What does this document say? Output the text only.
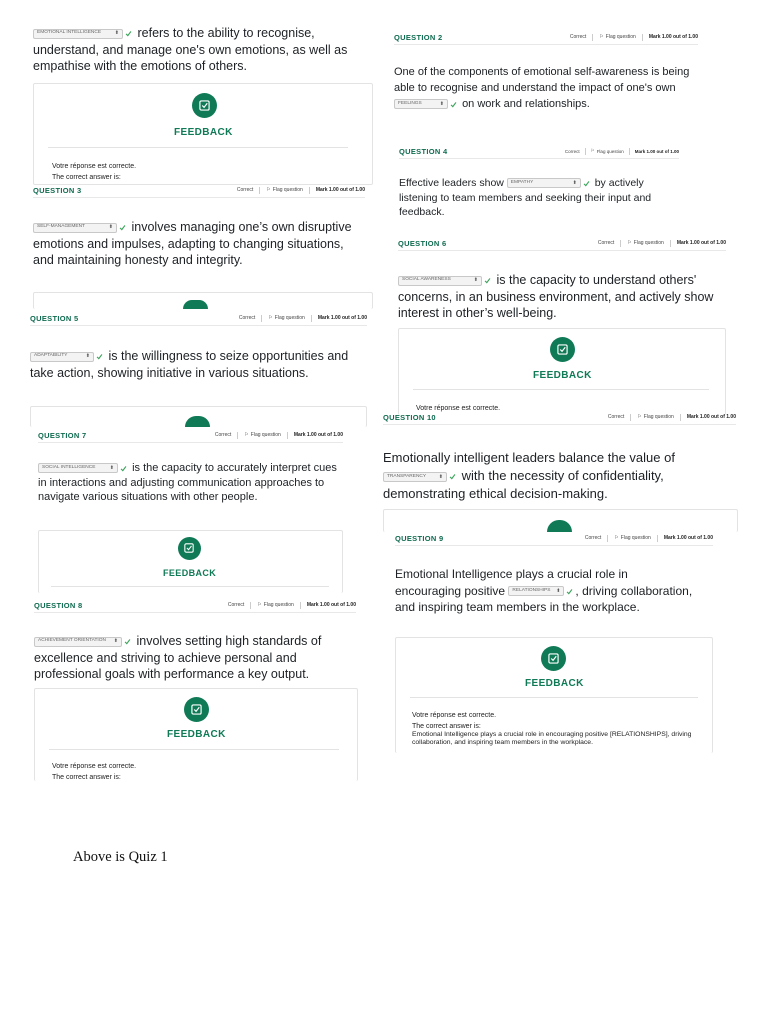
EMOTIONAL INTELLIGENCE	⬍ refers to the ability to recognise, understand, and manage one's own emotions, as well as empathise with the emotions of others.
FEEDBACK
Votre réponse est correcte.
The correct answer is:
QUESTION 3	Correct	⚐ Flag question	Mark 1.00 out of 1.00
SELF-MANAGEMENT	⬍ involves managing one’s own disruptive emotions and impulses, adapting to changing situations, and maintaining honesty and integrity.
QUESTION 5	Correct	⚐ Flag question	Mark 1.00 out of 1.00
ADAPTABILITY	⬍ is the willingness to seize opportunities and take action, showing initiative in various situations.
QUESTION 7	Correct	⚐ Flag question	Mark 1.00 out of 1.00
SOCIAL INTELLIGENCE	⬍ is the capacity to accurately interpret cues in interactions and adjusting communication approaches to navigate various situations with other people.
FEEDBACK
QUESTION 8	Correct	⚐ Flag question	Mark 1.00 out of 1.00
ACHIEVEMENT ORIENTATION ⬍ involves setting high standards of excellence and striving to achieve personal and professional goals with performance a key output.
FEEDBACK
Votre réponse est correcte.
The correct answer is:
QUESTION 2	Correct	⚐ Flag question	Mark 1.00 out of 1.00
One of the components of emotional self-awareness is being able to recognise and understand the impact of one's own
FEELINGS	⬍ on work and relationships.
QUESTION 4	Correct ⚐ Flag question Mark 1.00 out of 1.00
Effective leaders show EMPATHY	⬍ by actively listening to team members and seeking their input and feedback.
QUESTION 6	Correct	⚐ Flag question	Mark 1.00 out of 1.00
SOCIAL AWARENESS	⬍ is the capacity to understand others' concerns, in an business environment, and actively show interest in other’s well-being.
FEEDBACK
Votre réponse est correcte.
QUESTION 10	Correct	⚐ Flag question	Mark 1.00 out of 1.00
Emotionally intelligent leaders balance the value of
TRANSPARENCY	⬍ with the necessity of confidentiality, demonstrating ethical decision-making.
QUESTION 9	Correct	⚐ Flag question	Mark 1.00 out of 1.00
Emotional Intelligence plays a crucial role in encouraging positive RELATIONSHIPS ⬍ , driving collaboration, and inspiring team members in the workplace.
FEEDBACK
Votre réponse est correcte.
The correct answer is:
Emotional Intelligence plays a crucial role in encouraging positive [RELATIONSHIPS], driving collaboration, and inspiring team members in the workplace.
Above is Quiz 1
